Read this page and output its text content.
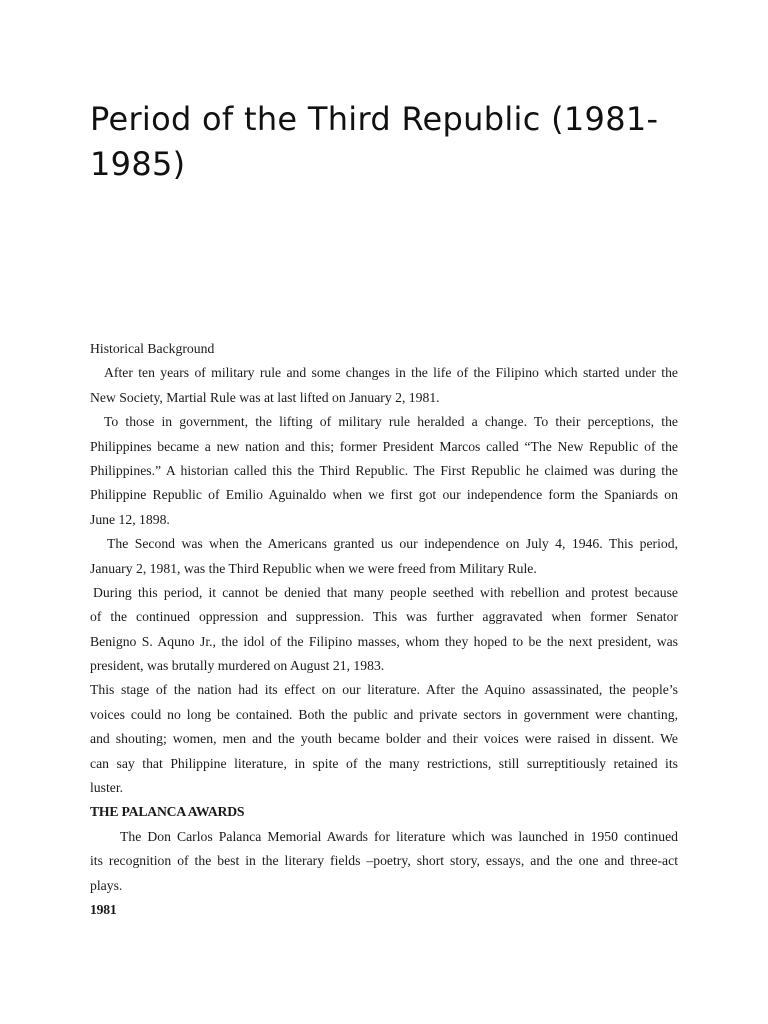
Period of the Third Republic (1981-
1985)
Historical Background
After ten years of military rule and some changes in the life of the Filipino which started under the
New Society, Martial Rule was at last lifted on January 2, 1981.
To those in government, the lifting of military rule heralded a change. To their perceptions, the
Philippines became a new nation and this; former President Marcos called “The New Republic of the
Philippines.” A historian called this the Third Republic. The First Republic he claimed was during the
Philippine Republic of Emilio Aguinaldo when we first got our independence form the Spaniards on
June 12, 1898.
The Second was when the Americans granted us our independence on July 4, 1946. This period,
January 2, 1981, was the Third Republic when we were freed from Military Rule.
During this period, it cannot be denied that many people seethed with rebellion and protest because
of the continued oppression and suppression. This was further aggravated when former Senator
Benigno S. Aquno Jr., the idol of the Filipino masses, whom they hoped to be the next president, was
president, was brutally murdered on August 21, 1983.
This stage of the nation had its effect on our literature. After the Aquino assassinated, the people’s
voices could no long be contained. Both the public and private sectors in government were chanting,
and shouting; women, men and the youth became bolder and their voices were raised in dissent. We
can say that Philippine literature, in spite of the many restrictions, still surreptitiously retained its
luster.
THE PALANCA AWARDS
The Don Carlos Palanca Memorial Awards for literature which was launched in 1950 continued
its recognition of the best in the literary fields –poetry, short story, essays, and the one and three-act
plays.
1981
